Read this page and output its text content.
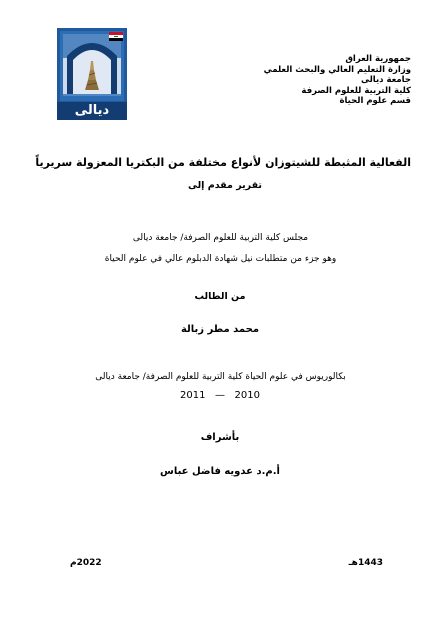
ديالى
جمهورية العراق
وزارة التعليم العالي والبحث العلمي
جامعة ديالى
كلية التربية للعلوم الصرفة
قسم علوم الحياة
الفعالية المثبطة للشيتوزان لأنواع مختلفة من البكتريا المعزولة سريرياً
تقرير مقدم إلى
مجلس كلية التربية للعلوم الصرفة/ جامعة ديالى
وهو جزء من متطلبات نيل شهادة الدبلوم عالي في علوم الحياة
من الطالب
محمد مطر زبالة
بكالوريوس في علوم الحياة كلية التربية للعلوم الصرفة/ جامعة ديالى
2011   —   2010
بأشراف
أ.م.د عدويه فاضل عباس
1443هـ
2022م
